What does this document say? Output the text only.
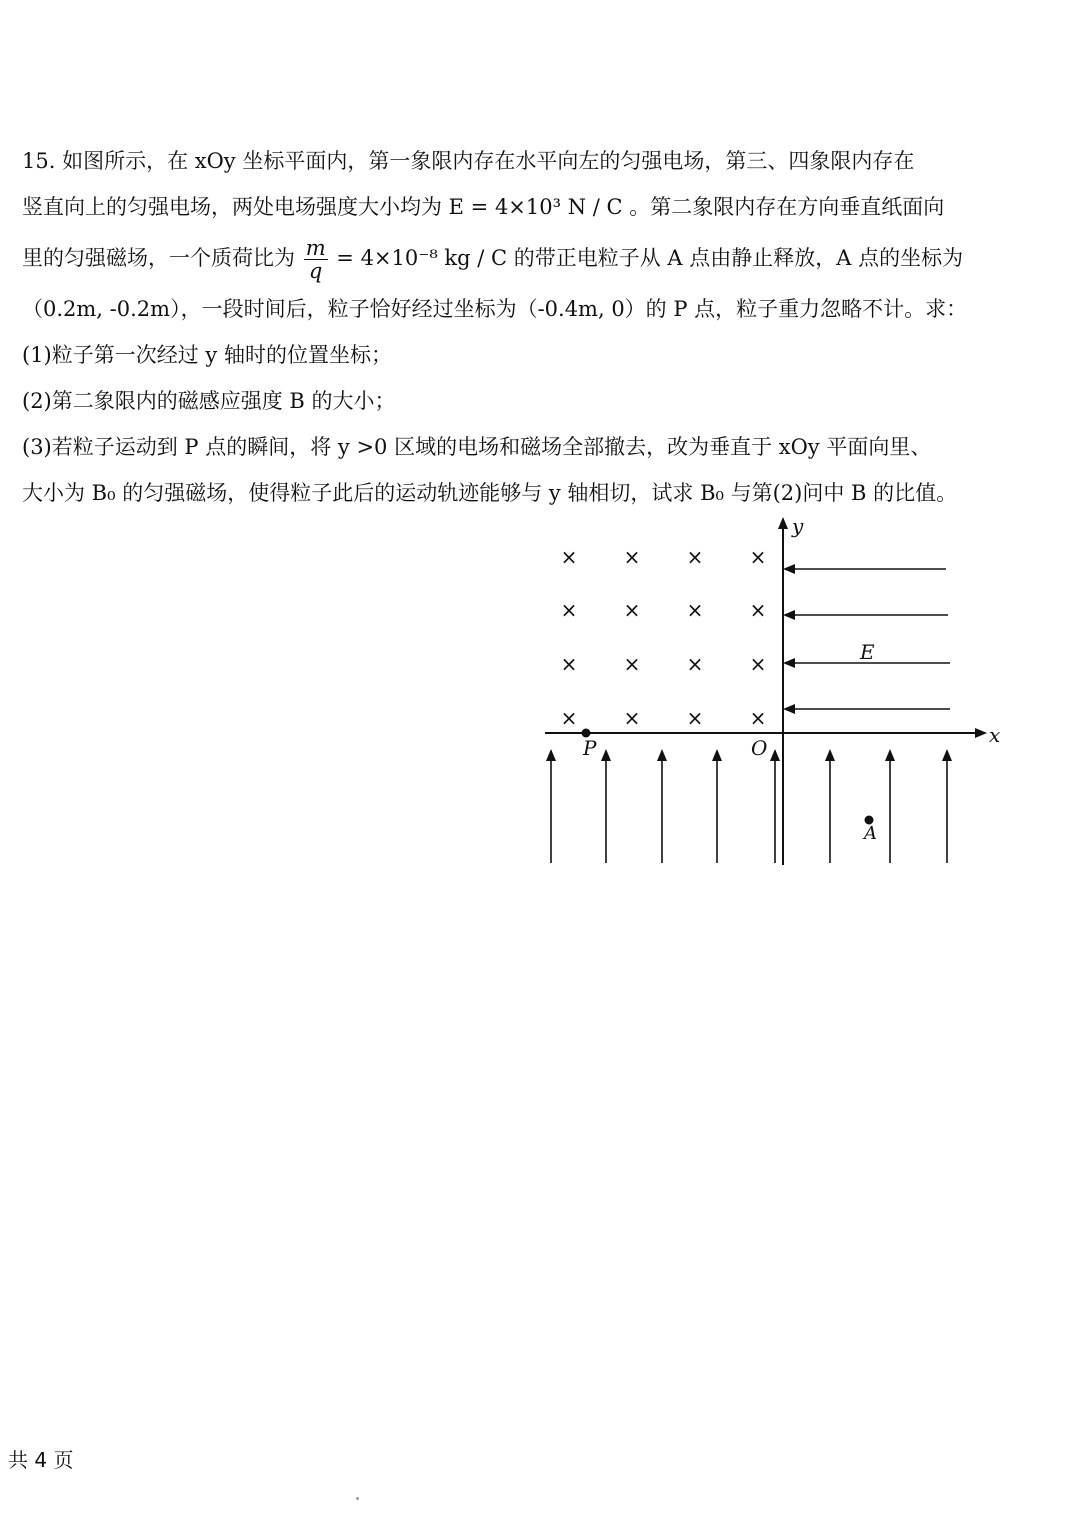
15. 如图所示，在 xOy 坐标平面内，第一象限内存在水平向左的匀强电场，第三、四象限内存在
竖直向上的匀强电场，两处电场强度大小均为 E = 4×10³ N / C 。第二象限内存在方向垂直纸面向
里的匀强磁场，一个质荷比为 $\frac{m}{q} = 4\times 10^{-8}$ kg / C 的带正电粒子从 A 点由静止释放，A 点的坐标为
（0.2m, -0.2m），一段时间后，粒子恰好经过坐标为（-0.4m, 0）的 P 点，粒子重力忽略不计。求：
(1)粒子第一次经过 y 轴时的位置坐标；
(2)第二象限内的磁感应强度 B 的大小；
(3)若粒子运动到 P 点的瞬间，将 y >0 区域的电场和磁场全部撤去，改为垂直于 xOy 平面向里、
大小为 B₀ 的匀强磁场，使得粒子此后的运动轨迹能够与 y 轴相切，试求 B₀ 与第(2)问中 B 的比值。
× × × ×
× × × ×
× × × ×
× × × ×
y
x
O
P
A
E
共 4 页
